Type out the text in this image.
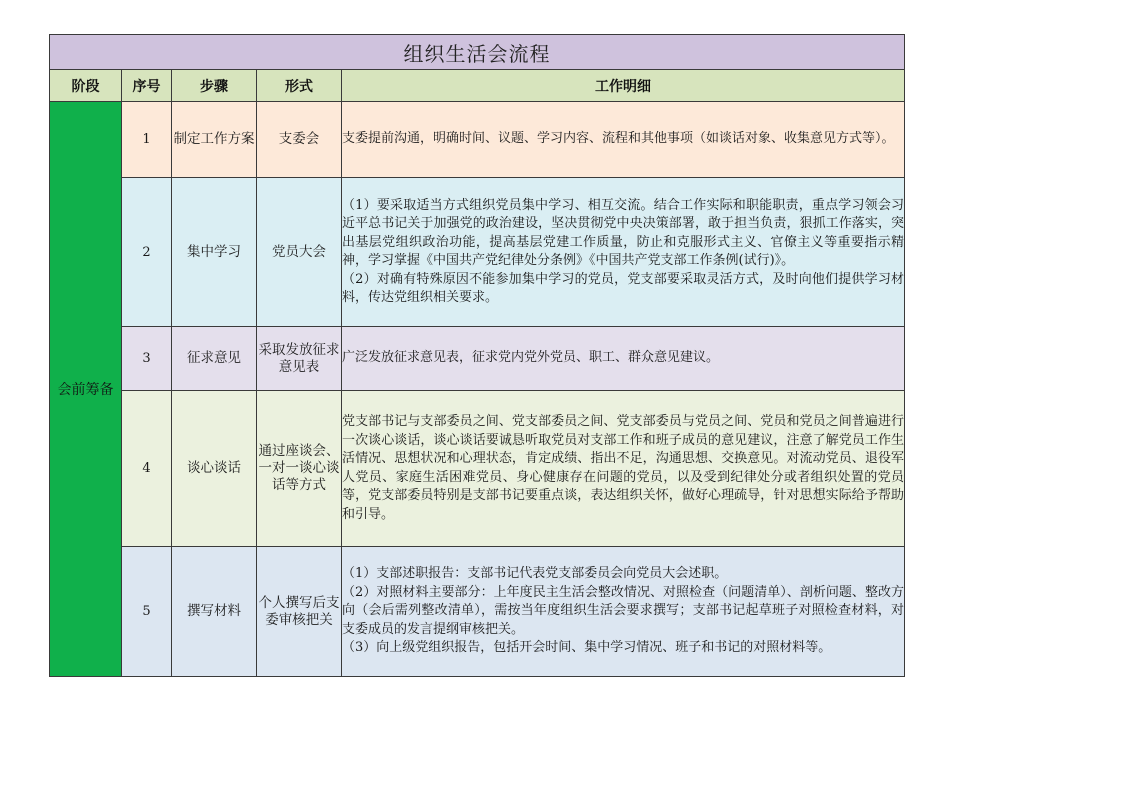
组织生活会流程				
阶段	序号	步骤	形式	工作明细
会前筹备	1	制定工作方案	支委会	支委提前沟通，明确时间、议题、学习内容、流程和其他事项（如谈话对象、收集意见方式等）。

	2	集中学习	党员大会	（1）要采取适当方式组织党员集中学习、相互交流。结合工作实际和职能职责，重点学习领会习近平总书记关于加强党的政治建设，坚决贯彻党中央决策部署，敢于担当负责，狠抓工作落实，突出基层党组织政治功能，提高基层党建工作质量，防止和克服形式主义、官僚主义等重要指示精神，学习掌握《中国共产党纪律处分条例》《中国共产党支部工作条例(试行)》。
（2）对确有特殊原因不能参加集中学习的党员，党支部要采取灵活方式，及时向他们提供学习材料，传达党组织相关要求。

	3	征求意见	采取发放征求意见表	广泛发放征求意见表，征求党内党外党员、职工、群众意见建议。

	4	谈心谈话	通过座谈会、一对一谈心谈话等方式	党支部书记与支部委员之间、党支部委员之间、党支部委员与党员之间、党员和党员之间普遍进行一次谈心谈话，谈心谈话要诚恳听取党员对支部工作和班子成员的意见建议，注意了解党员工作生活情况、思想状况和心理状态，肯定成绩、指出不足，沟通思想、交换意见。对流动党员、退役军人党员、家庭生活困难党员、身心健康存在问题的党员，以及受到纪律处分或者组织处置的党员等，党支部委员特别是支部书记要重点谈，表达组织关怀，做好心理疏导，针对思想实际给予帮助和引导。

	5	撰写材料	个人撰写后支委审核把关	（1）支部述职报告：支部书记代表党支部委员会向党员大会述职。
（2）对照材料主要部分：上年度民主生活会整改情况、对照检查（问题清单）、剖析问题、整改方向（会后需列整改清单），需按当年度组织生活会要求撰写；支部书记起草班子对照检查材料，对支委成员的发言提纲审核把关。
（3）向上级党组织报告，包括开会时间、集中学习情况、班子和书记的对照材料等。
